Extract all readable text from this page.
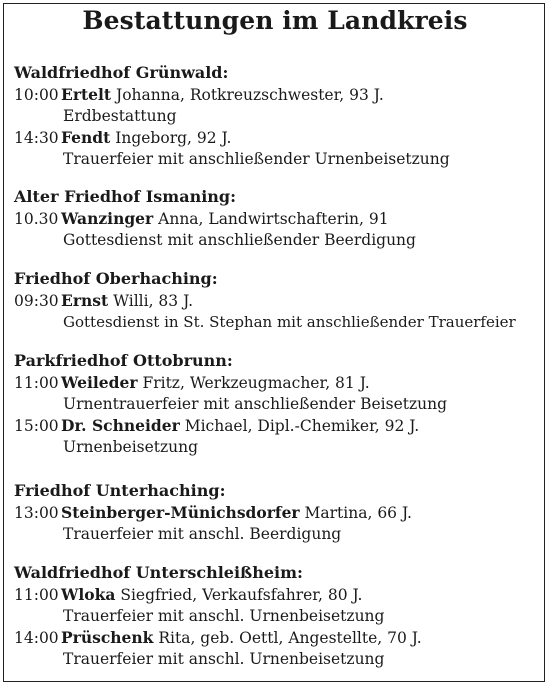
Bestattungen im Landkreis
Waldfriedhof Grünwald:
10:00 Ertelt Johanna, Rotkreuzschwester, 93 J.
Erdbestattung
14:30 Fendt Ingeborg, 92 J.
Trauerfeier mit anschließender Urnenbeisetzung
Alter Friedhof Ismaning:
10.30 Wanzinger Anna, Landwirtschafterin, 91
Gottesdienst mit anschließender Beerdigung
Friedhof Oberhaching:
09:30 Ernst Willi, 83 J.
Gottesdienst in St. Stephan mit anschließender Trauerfeier
Parkfriedhof Ottobrunn:
11:00 Weileder Fritz, Werkzeugmacher, 81 J.
Urnentrauerfeier mit anschließender Beisetzung
15:00 Dr. Schneider Michael, Dipl.-Chemiker, 92 J.
Urnenbeisetzung
Friedhof Unterhaching:
13:00 Steinberger-Münichsdorfer Martina, 66 J.
Trauerfeier mit anschl. Beerdigung
Waldfriedhof Unterschleißheim:
11:00 Wloka Siegfried, Verkaufsfahrer, 80 J.
Trauerfeier mit anschl. Urnenbeisetzung
14:00 Prüschenk Rita, geb. Oettl, Angestellte, 70 J.
Trauerfeier mit anschl. Urnenbeisetzung
